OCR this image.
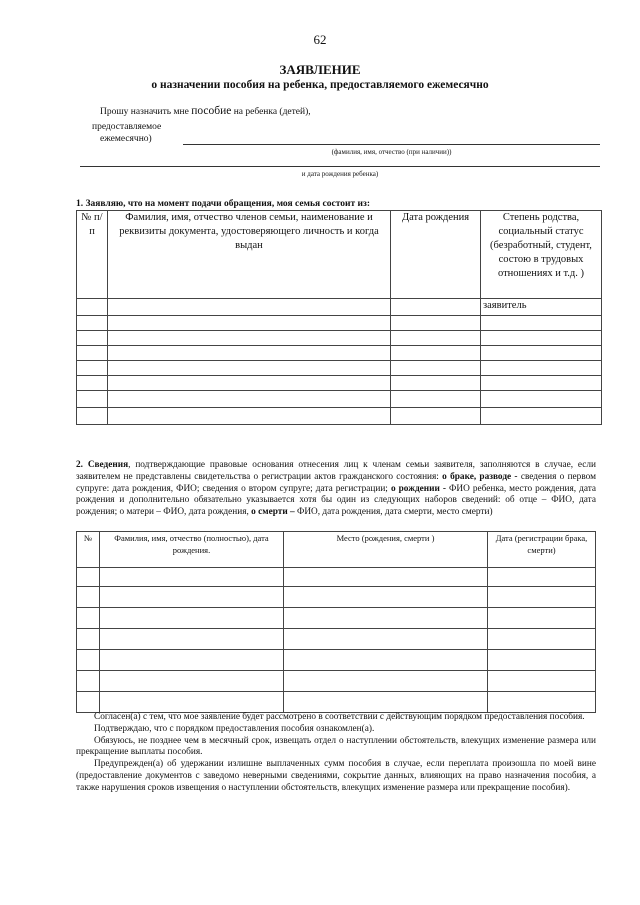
62
ЗАЯВЛЕНИЕ
о назначении пособия на ребенка, предоставляемого ежемесячно
Прошу назначить мне пособие на ребенка (детей),
предоставляемое
ежемесячно)
(фамилия, имя, отчество (при наличии))
и дата рождения ребенка)
1. Заявляю, что на момент подачи обращения, моя семья состоит из:
№ п/п	Фамилия, имя, отчество членов семьи, наименование и реквизиты документа, удостоверяющего личность и когда выдан	Дата рождения	Степень родства, социальный статус (безработный, студент, состою в трудовых отношениях и т.д. )
			заявитель

2. Сведения, подтверждающие правовые основания отнесения лиц к членам семьи заявителя, заполняются в случае, если заявителем не представлены свидетельства о регистрации актов гражданского состояния: о браке, разводе - сведения о первом супруге: дата рождения, ФИО; сведения о втором супруге; дата регистрации; о рождении - ФИО ребенка, место рождения, дата рождения и дополнительно обязательно указывается хотя бы один из следующих наборов сведений: об отце – ФИО, дата рождения; о матери – ФИО, дата рождения, о смерти – ФИО, дата рождения, дата смерти, место смерти)
№	Фамилия, имя, отчество (полностью), дата рождения.	Место (рождения, смерти )	Дата (регистрации брака, смерти)

Согласен(а) с тем, что мое заявление будет рассмотрено в соответствии с действующим порядком предоставления пособия.
Подтверждаю, что с порядком предоставления пособия ознакомлен(а).
Обязуюсь, не позднее чем в месячный срок, извещать отдел о наступлении обстоятельств, влекущих изменение размера или прекращение выплаты пособия.
Предупрежден(а) об удержании излишне выплаченных сумм пособия в случае, если переплата произошла по моей вине (предоставление документов с заведомо неверными сведениями, сокрытие данных, влияющих на право назначения пособия, а также нарушения сроков извещения о наступлении обстоятельств, влекущих изменение размера или прекращение пособия).
